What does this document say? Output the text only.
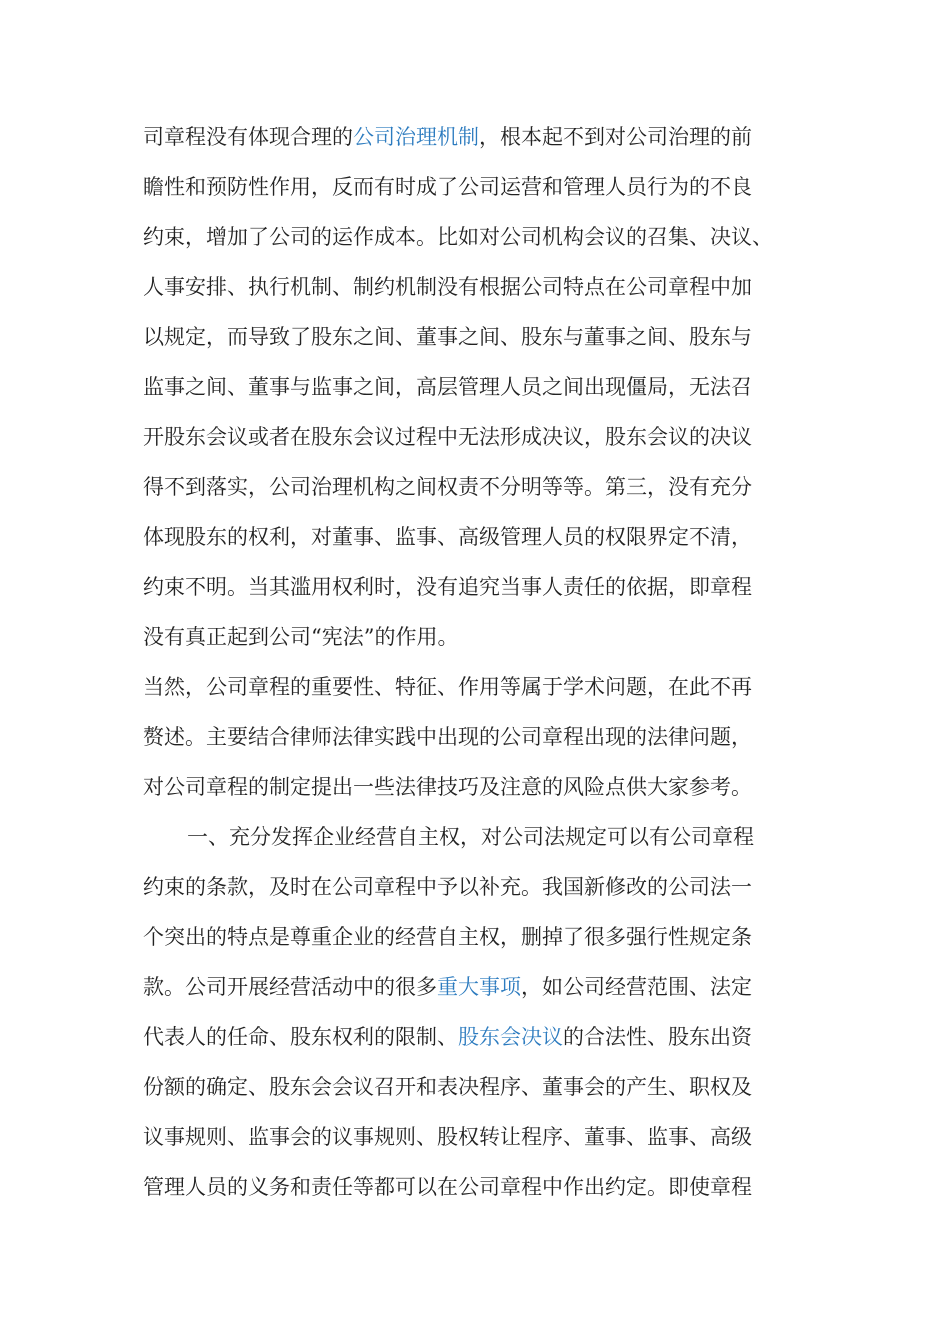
司章程没有体现合理的公司治理机制，根本起不到对公司治理的前
瞻性和预防性作用，反而有时成了公司运营和管理人员行为的不良
约束，增加了公司的运作成本。比如对公司机构会议的召集、决议、
人事安排、执行机制、制约机制没有根据公司特点在公司章程中加
以规定，而导致了股东之间、董事之间、股东与董事之间、股东与
监事之间、董事与监事之间，高层管理人员之间出现僵局，无法召
开股东会议或者在股东会议过程中无法形成决议，股东会议的决议
得不到落实，公司治理机构之间权责不分明等等。第三，没有充分
体现股东的权利，对董事、监事、高级管理人员的权限界定不清，
约束不明。当其滥用权利时，没有追究当事人责任的依据，即章程
没有真正起到公司“宪法”的作用。
当然，公司章程的重要性、特征、作用等属于学术问题，在此不再
赘述。主要结合律师法律实践中出现的公司章程出现的法律问题，
对公司章程的制定提出一些法律技巧及注意的风险点供大家参考。
一、充分发挥企业经营自主权，对公司法规定可以有公司章程
约束的条款，及时在公司章程中予以补充。我国新修改的公司法一
个突出的特点是尊重企业的经营自主权，删掉了很多强行性规定条
款。公司开展经营活动中的很多重大事项，如公司经营范围、法定
代表人的任命、股东权利的限制、股东会决议的合法性、股东出资
份额的确定、股东会会议召开和表决程序、董事会的产生、职权及
议事规则、监事会的议事规则、股权转让程序、董事、监事、高级
管理人员的义务和责任等都可以在公司章程中作出约定。即使章程
